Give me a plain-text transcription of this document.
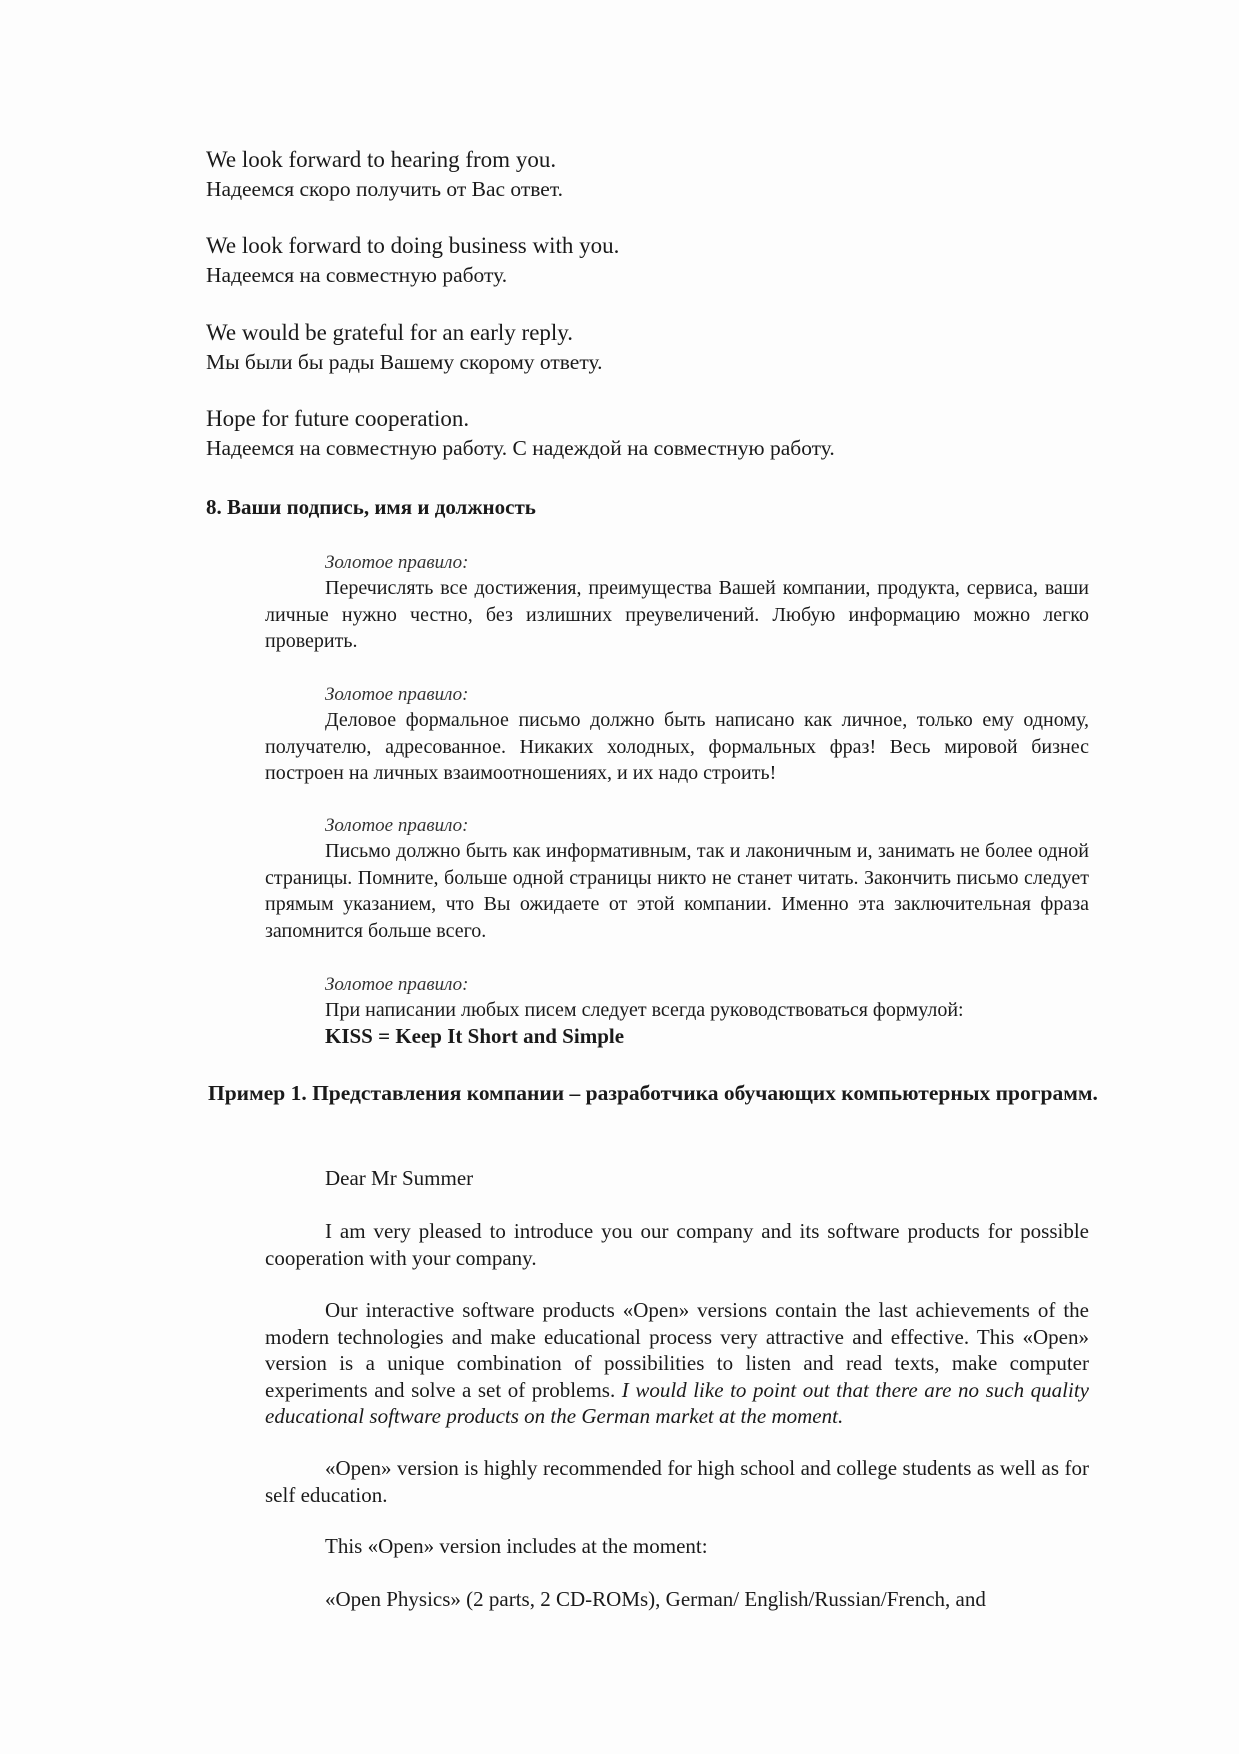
We look forward to hearing from you.
Надеемся скоро получить от Вас ответ.
We look forward to doing business with you.
Надеемся на совместную работу.
We would be grateful for an early reply.
Мы были бы рады Вашему скорому ответу.
Hope for future cooperation.
Надеемся на совместную работу. С надеждой на совместную работу.
8. Ваши подпись, имя и должность
Золотое правило:
Перечислять все достижения, преимущества Вашей компании, продукта, сервиса, ваши личные нужно честно, без излишних преувеличений. Любую информацию можно легко проверить.
Золотое правило:
Деловое формальное письмо должно быть написано как личное, только ему одному, получателю, адресованное. Никаких холодных, формальных фраз! Весь мировой бизнес построен на личных взаимоотношениях, и их надо строить!
Золотое правило:
Письмо должно быть как информативным, так и лаконичным и, занимать не более одной страницы. Помните, больше одной страницы никто не станет читать. Закончить письмо следует прямым указанием, что Вы ожидаете от этой компании. Именно эта заключительная фраза запомнится больше всего.
Золотое правило:
При написании любых писем следует всегда руководствоваться формулой:
KISS = Keep It Short and Simple
Пример 1. Представления компании – разработчика обучающих компьютерных программ.
Dear Mr Summer
I am very pleased to introduce you our company and its software products for possible cooperation with your company.
Our interactive software products «Open» versions contain the last achievements of the modern technologies and make educational process very attractive and effective. This «Open» version is a unique combination of possibilities to listen and read texts, make computer experiments and solve a set of problems. I would like to point out that there are no such quality educational software products on the German market at the moment.
«Open» version is highly recommended for high school and college students as well as for self education.
This «Open» version includes at the moment:
«Open Physics» (2 parts, 2 CD-ROMs), German/ English/Russian/French, and
